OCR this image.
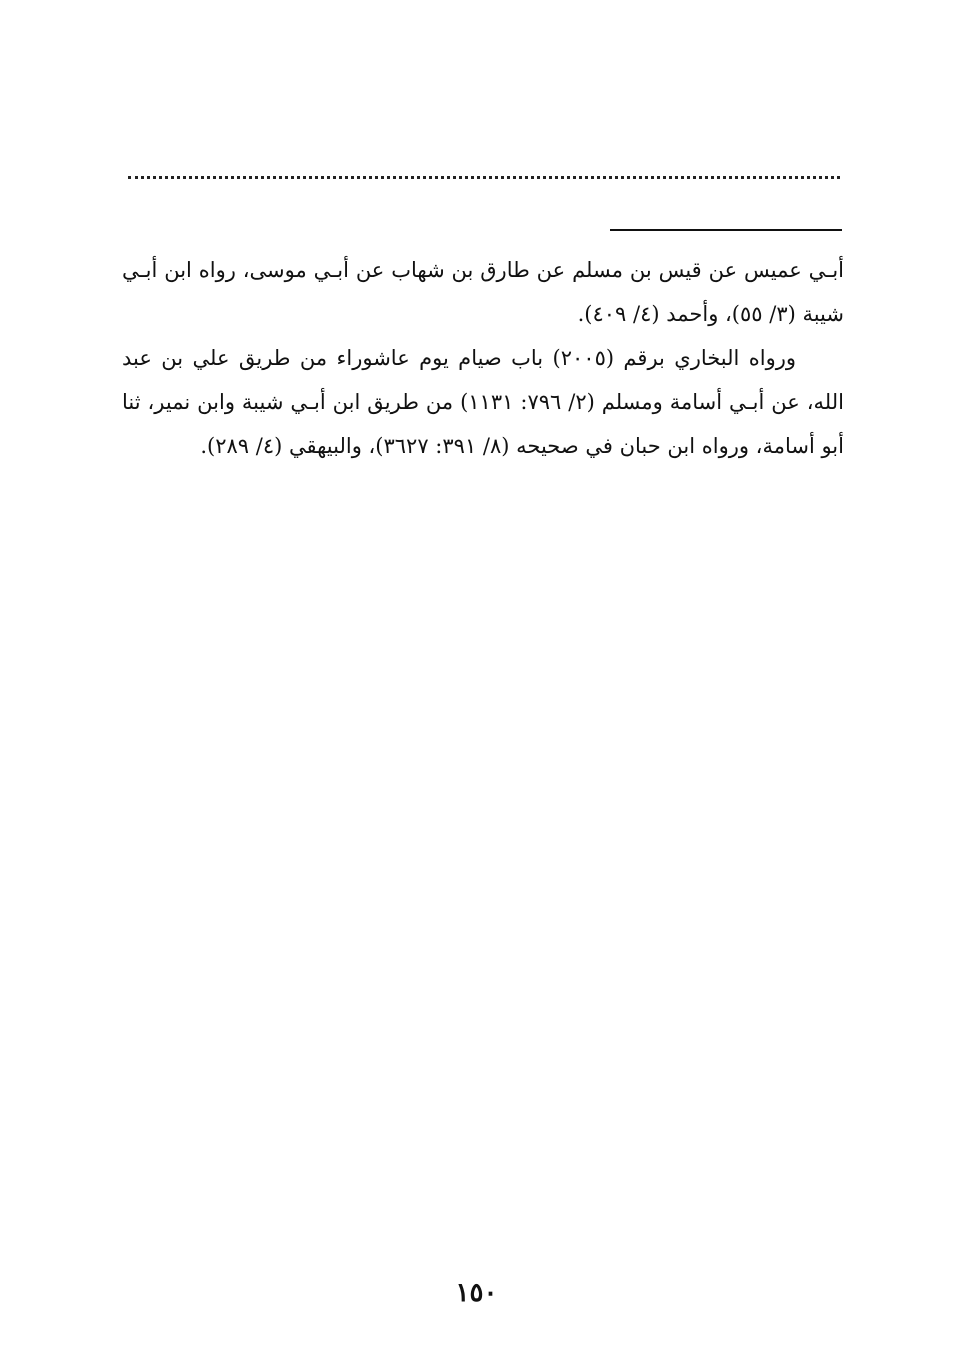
أبـي عميس عن قيس بن مسلم عن طارق بن شهاب عن أبـي موسى، رواه ابن أبـي شيبة (٣/ ٥٥)، وأحمد (٤/ ٤٠٩).

ورواه البخاري برقم (٢٠٠٥) باب صيام يوم عاشوراء من طريق علي بن عبد الله، عن أبـي أسامة ومسلم (٢/ ٧٩٦: ١١٣١) من طريق ابن أبـي شيبة وابن نمير، ثنا أبو أسامة، ورواه ابن حبان في صحيحه (٨/ ٣٩١: ٣٦٢٧)، والبيهقي (٤/ ٢٨٩).

١٥٠
